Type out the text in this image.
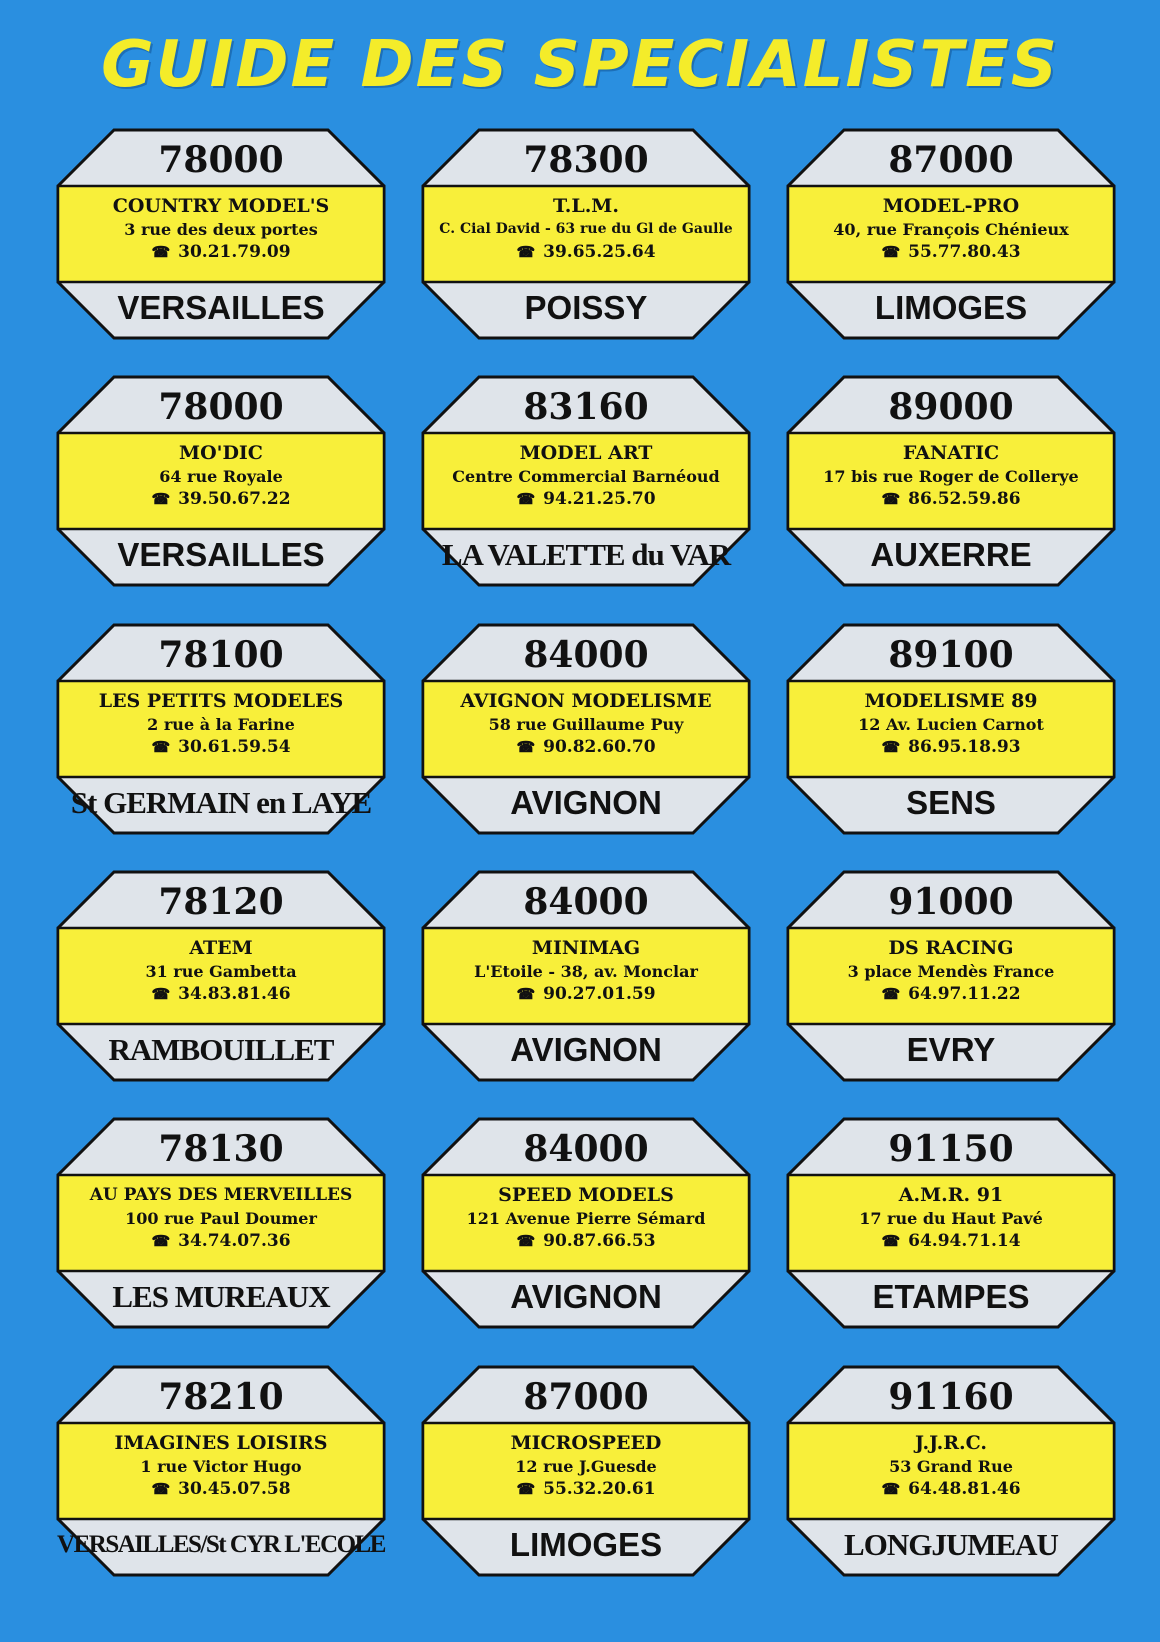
GUIDE DES SPECIALISTES
78000
COUNTRY MODEL'S
3 rue des deux portes
☎ 30.21.79.09
VERSAILLES
78300
T.L.M.
C. Cial David - 63 rue du Gl de Gaulle
☎ 39.65.25.64
POISSY
87000
MODEL-PRO
40, rue François Chénieux
☎ 55.77.80.43
LIMOGES
78000
MO'DIC
64 rue Royale
☎ 39.50.67.22
VERSAILLES
83160
MODEL ART
Centre Commercial Barnéoud
☎ 94.21.25.70
LA VALETTE du VAR
89000
FANATIC
17 bis rue Roger de Collerye
☎ 86.52.59.86
AUXERRE
78100
LES PETITS MODELES
2 rue à la Farine
☎ 30.61.59.54
St GERMAIN en LAYE
84000
AVIGNON MODELISME
58 rue Guillaume Puy
☎ 90.82.60.70
AVIGNON
89100
MODELISME 89
12 Av. Lucien Carnot
☎ 86.95.18.93
SENS
78120
ATEM
31 rue Gambetta
☎ 34.83.81.46
RAMBOUILLET
84000
MINIMAG
L'Etoile - 38, av. Monclar
☎ 90.27.01.59
AVIGNON
91000
DS RACING
3 place Mendès France
☎ 64.97.11.22
EVRY
78130
AU PAYS DES MERVEILLES
100 rue Paul Doumer
☎ 34.74.07.36
LES MUREAUX
84000
SPEED MODELS
121 Avenue Pierre Sémard
☎ 90.87.66.53
AVIGNON
91150
A.M.R. 91
17 rue du Haut Pavé
☎ 64.94.71.14
ETAMPES
78210
IMAGINES LOISIRS
1 rue Victor Hugo
☎ 30.45.07.58
VERSAILLES/St CYR L'ECOLE
87000
MICROSPEED
12 rue J.Guesde
☎ 55.32.20.61
LIMOGES
91160
J.J.R.C.
53 Grand Rue
☎ 64.48.81.46
LONGJUMEAU
